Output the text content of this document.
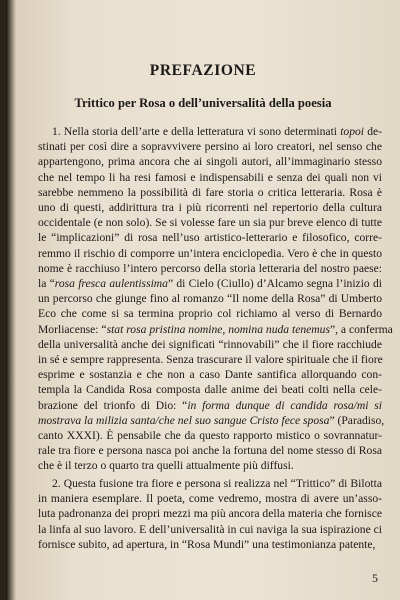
PREFAZIONE
Trittico per Rosa o dell’universalità della poesia
1. Nella storia dell’arte e della letteratura vi sono determinati topoi de-
stinati per così dire a sopravvivere persino ai loro creatori, nel senso che
appartengono, prima ancora che ai singoli autori, all’immaginario stesso
che nel tempo li ha resi famosi e indispensabili e senza dei quali non vi
sarebbe nemmeno la possibilità di fare storia o critica letteraria. Rosa è
uno di questi, addirittura tra i più ricorrenti nel repertorio della cultura
occidentale (e non solo). Se si volesse fare un sia pur breve elenco di tutte
le “implicazioni” di rosa nell’uso artistico-letterario e filosofico, corre-
remmo il rischio di comporre un’intera enciclopedia. Vero è che in questo
nome è racchiuso l’intero percorso della storia letteraria del nostro paese:
la “rosa fresca aulentissima” di Cielo (Ciullo) d’Alcamo segna l’inizio di
un percorso che giunge fino al romanzo “Il nome della Rosa” di Umberto
Eco che come si sa termina proprio col richiamo al verso di Bernardo
Morliacense: “stat rosa pristina nomine, nomina nuda tenemus”, a conferma
della universalità anche dei significati “rinnovabili” che il fiore racchiude
in sé e sempre rappresenta. Senza trascurare il valore spirituale che il fiore
esprime e sostanzia e che non a caso Dante santifica allorquando con-
templa la Candida Rosa composta dalle anime dei beati colti nella cele-
brazione del trionfo di Dio: “in forma dunque di candida rosa/mi si
mostrava la milizia santa/che nel suo sangue Cristo fece sposa” (Paradiso,
canto XXXI). È pensabile che da questo rapporto mistico o sovrannatur-
rale tra fiore e persona nasca poi anche la fortuna del nome stesso di Rosa
che è il terzo o quarto tra quelli attualmente più diffusi.
2. Questa fusione tra fiore e persona si realizza nel “Trittico” di Bilotta
in maniera esemplare. Il poeta, come vedremo, mostra di avere un’asso-
luta padronanza dei propri mezzi ma più ancora della materia che fornisce
la linfa al suo lavoro. E dell’universalità in cui naviga la sua ispirazione ci
fornisce subito, ad apertura, in “Rosa Mundi” una testimonianza patente,
5
